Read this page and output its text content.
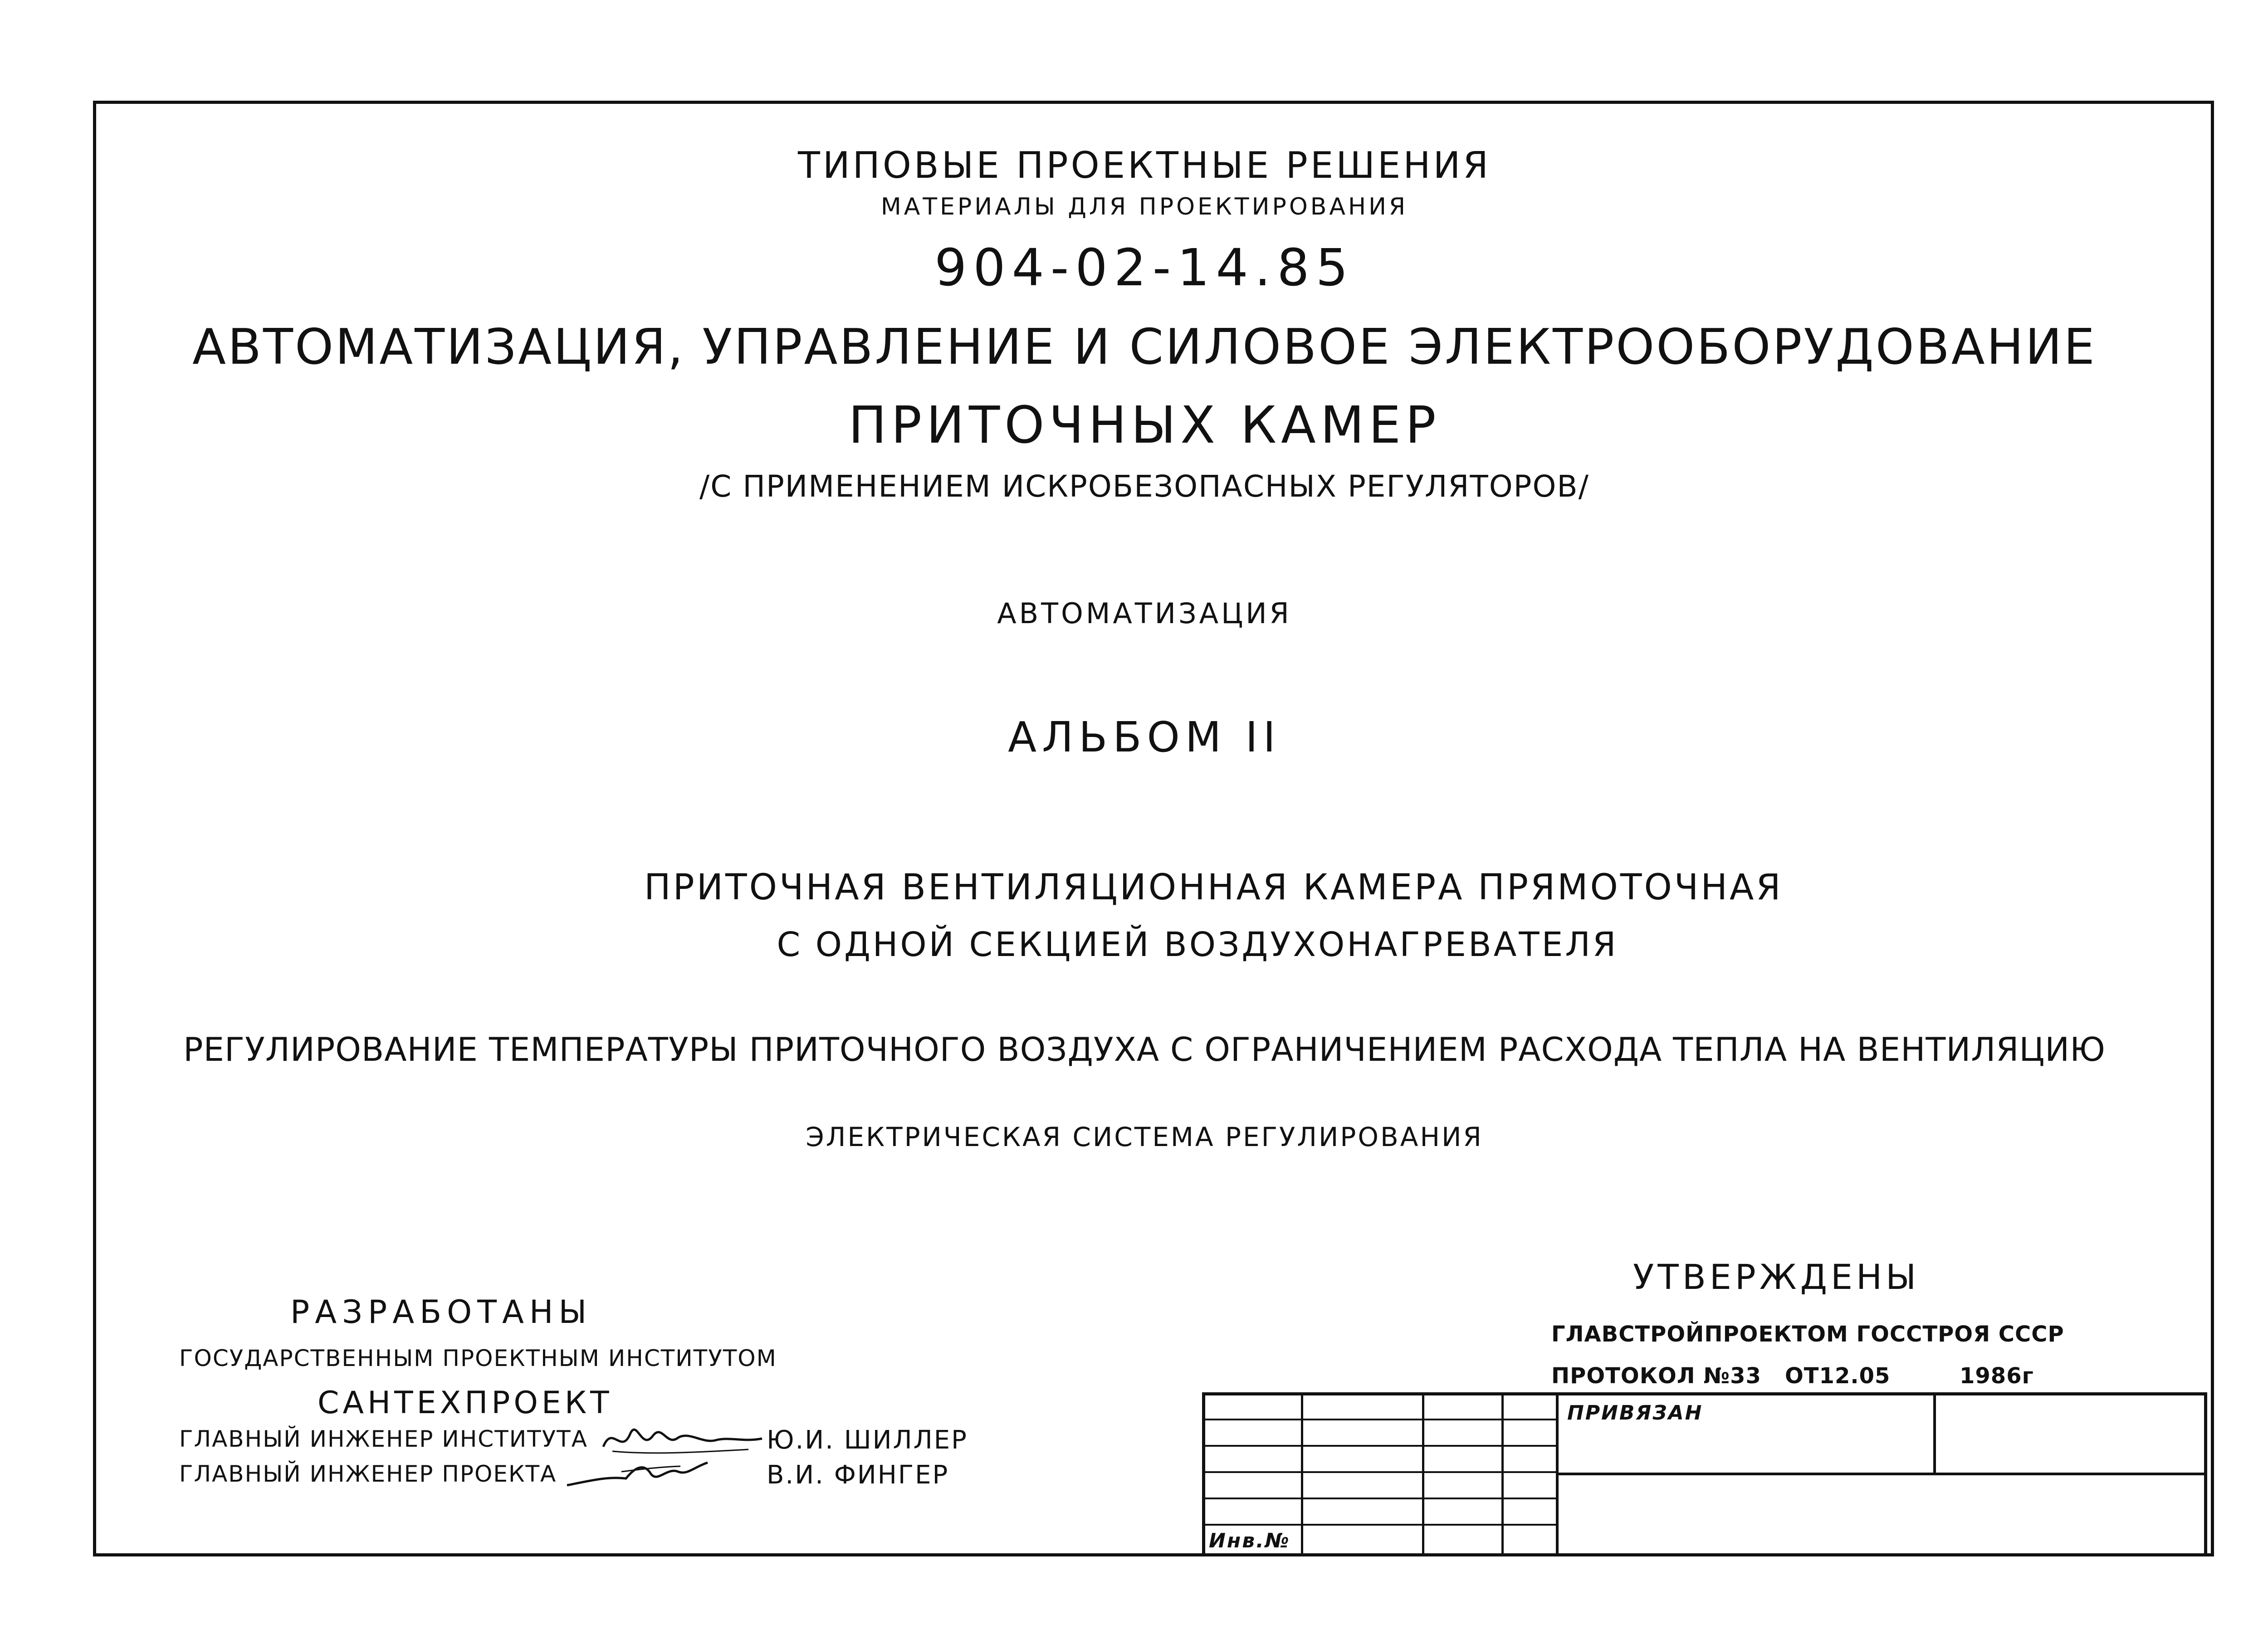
ТИПОВЫЕ ПРОЕКТНЫЕ РЕШЕНИЯ
МАТЕРИАЛЫ ДЛЯ ПРОЕКТИРОВАНИЯ
904-02-14.85
АВТОМАТИЗАЦИЯ, УПРАВЛЕНИЕ И СИЛОВОЕ ЭЛЕКТРООБОРУДОВАНИЕ
ПРИТОЧНЫХ КАМЕР
/С ПРИМЕНЕНИЕМ ИСКРОБЕЗОПАСНЫХ РЕГУЛЯТОРОВ/
АВТОМАТИЗАЦИЯ
АЛЬБОМ II
ПРИТОЧНАЯ ВЕНТИЛЯЦИОННАЯ КАМЕРА ПРЯМОТОЧНАЯ
С ОДНОЙ СЕКЦИЕЙ ВОЗДУХОНАГРЕВАТЕЛЯ
РЕГУЛИРОВАНИЕ ТЕМПЕРАТУРЫ ПРИТОЧНОГО ВОЗДУХА С ОГРАНИЧЕНИЕМ РАСХОДА ТЕПЛА НА ВЕНТИЛЯЦИЮ
ЭЛЕКТРИЧЕСКАЯ СИСТЕМА РЕГУЛИРОВАНИЯ
РАЗРАБОТАНЫ
ГОСУДАРСТВЕННЫМ ПРОЕКТНЫМ ИНСТИТУТОМ
САНТЕХПРОЕКТ
ГЛАВНЫЙ ИНЖЕНЕР ИНСТИТУТА	Ю.И. ШИЛЛЕР
ГЛАВНЫЙ ИНЖЕНЕР ПРОЕКТА	В.И. ФИНГЕР
УТВЕРЖДЕНЫ
ГЛАВСТРОЙПРОЕКТОМ ГОССТРОЯ СССР
ПРОТОКОЛ №33	ОТ12.05	1986г
ПРИВЯЗАН
Инв.№
